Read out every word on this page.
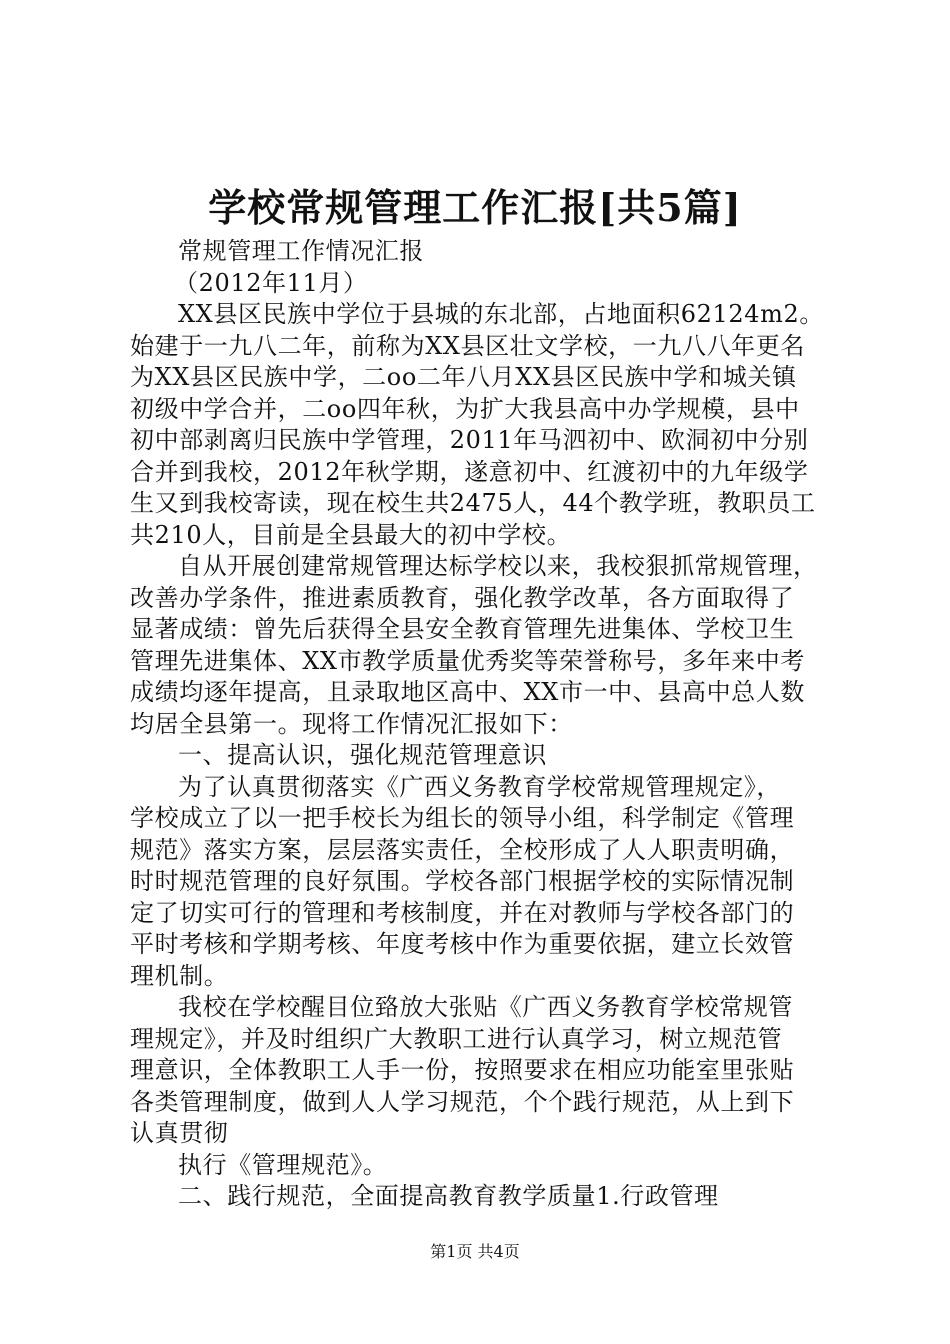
学校常规管理工作汇报[共5篇]
常规管理工作情况汇报
（2012年11月）
XX县区民族中学位于县城的东北部，占地面积62124m2。
始建于一九八二年，前称为XX县区壮文学校，一九八八年更名
为XX县区民族中学，二oo二年八月XX县区民族中学和城关镇
初级中学合并，二oo四年秋，为扩大我县高中办学规模，县中
初中部剥离归民族中学管理，2011年马泗初中、欧洞初中分别
合并到我校，2012年秋学期，遂意初中、红渡初中的九年级学
生又到我校寄读，现在校生共2475人，44个教学班，教职员工
共210人，目前是全县最大的初中学校。
自从开展创建常规管理达标学校以来，我校狠抓常规管理，
改善办学条件，推进素质教育，强化教学改革，各方面取得了
显著成绩：曾先后获得全县安全教育管理先进集体、学校卫生
管理先进集体、XX市教学质量优秀奖等荣誉称号，多年来中考
成绩均逐年提高，且录取地区高中、XX市一中、县高中总人数
均居全县第一。现将工作情况汇报如下：
一、提高认识，强化规范管理意识
为了认真贯彻落实《广西义务教育学校常规管理规定》，
学校成立了以一把手校长为组长的领导小组，科学制定《管理
规范》落实方案，层层落实责任，全校形成了人人职责明确，
时时规范管理的良好氛围。学校各部门根据学校的实际情况制
定了切实可行的管理和考核制度，并在对教师与学校各部门的
平时考核和学期考核、年度考核中作为重要依据，建立长效管
理机制。
我校在学校醒目位臵放大张贴《广西义务教育学校常规管
理规定》，并及时组织广大教职工进行认真学习，树立规范管
理意识，全体教职工人手一份，按照要求在相应功能室里张贴
各类管理制度，做到人人学习规范，个个践行规范，从上到下
认真贯彻
执行《管理规范》。
二、践行规范，全面提高教育教学质量1.行政管理
第1页 共4页
